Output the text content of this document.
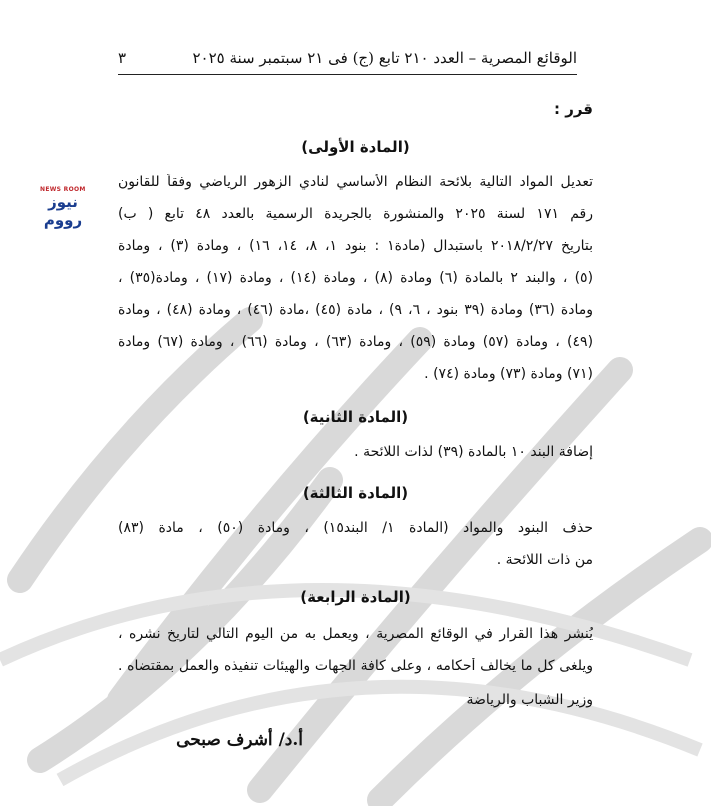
الوقائع المصرية – العدد ٢١٠ تابع (ج) فى ٢١ سبتمبر سنة ٢٠٢٥
٣
NEWS ROOM
نيوز رووم
قرر :
(المادة الأولى)
تعديل المواد التالية بلائحة النظام الأساسي لنادي الزهور الرياضي وفقاً للقانون
رقم ١٧١ لسنة ٢٠٢٥ والمنشورة بالجريدة الرسمية بالعدد ٤٨ تابع ( ب)
بتاريخ ٢٠١٨/٢/٢٧ باستبدال (مادة١ : بنود ١، ٨، ١٤، ١٦) ، ومادة (٣) ، ومادة
(٥) ، والبند ٢ بالمادة (٦) ومادة (٨) ، ومادة (١٤) ، ومادة (١٧) ، ومادة(٣٥) ،
ومادة (٣٦) ومادة (٣٩ بنود ، ٦، ٩) ، مادة (٤٥) ،مادة (٤٦) ، ومادة (٤٨) ، ومادة
(٤٩) ، ومادة (٥٧) ومادة (٥٩) ، ومادة (٦٣) ، ومادة (٦٦) ، ومادة (٦٧) ومادة
(٧١) ومادة (٧٣) ومادة (٧٤) .
(المادة الثانية)
إضافة البند ١٠ بالمادة (٣٩) لذات اللائحة .
(المادة الثالثة)
حذف البنود والمواد (المادة ١/ البند١٥) ، ومادة (٥٠) ، مادة (٨٣)
من ذات اللائحة .
(المادة الرابعة)
يُنشر هذا القرار في الوقائع المصرية ، ويعمل به من اليوم التالي لتاريخ نشره ،
ويلغى كل ما يخالف أحكامه ، وعلى كافة الجهات والهيئات تنفيذه والعمل بمقتضاه .
وزير الشباب والرياضة
أ.د/ أشرف صبحى
